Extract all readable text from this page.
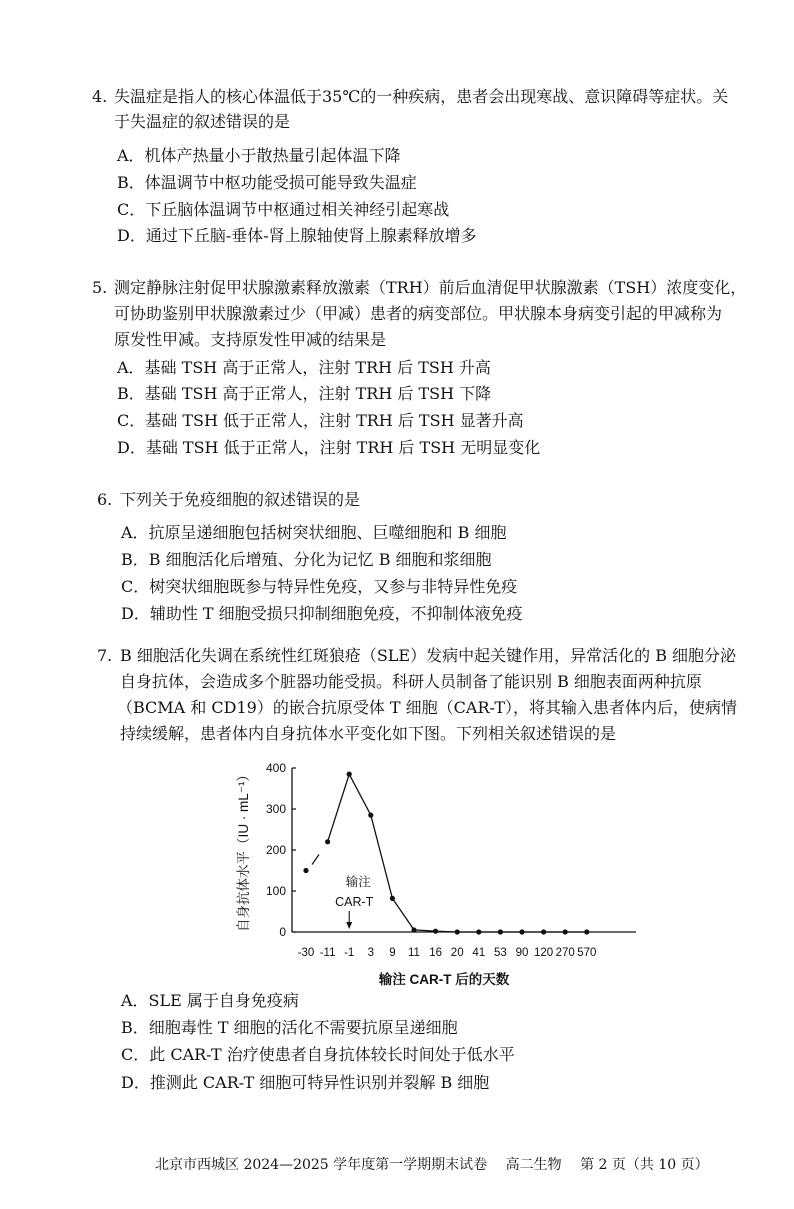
4. 失温症是指人的核心体温低于35℃的一种疾病，患者会出现寒战、意识障碍等症状。关
于失温症的叙述错误的是
A．机体产热量小于散热量引起体温下降
B．体温调节中枢功能受损可能导致失温症
C．下丘脑体温调节中枢通过相关神经引起寒战
D．通过下丘脑-垂体-肾上腺轴使肾上腺素释放增多
5. 测定静脉注射促甲状腺激素释放激素（TRH）前后血清促甲状腺激素（TSH）浓度变化，
可协助鉴别甲状腺激素过少（甲减）患者的病变部位。甲状腺本身病变引起的甲减称为
原发性甲减。支持原发性甲减的结果是
A．基础 TSH 高于正常人，注射 TRH 后 TSH 升高
B．基础 TSH 高于正常人，注射 TRH 后 TSH 下降
C．基础 TSH 低于正常人，注射 TRH 后 TSH 显著升高
D．基础 TSH 低于正常人，注射 TRH 后 TSH 无明显变化
6. 下列关于免疫细胞的叙述错误的是
A．抗原呈递细胞包括树突状细胞、巨噬细胞和 B 细胞
B．B 细胞活化后增殖、分化为记忆 B 细胞和浆细胞
C．树突状细胞既参与特异性免疫，又参与非特异性免疫
D．辅助性 T 细胞受损只抑制细胞免疫，不抑制体液免疫
7. B 细胞活化失调在系统性红斑狼疮（SLE）发病中起关键作用，异常活化的 B 细胞分泌
自身抗体，会造成多个脏器功能受损。科研人员制备了能识别 B 细胞表面两种抗原
（BCMA 和 CD19）的嵌合抗原受体 T 细胞（CAR-T），将其输入患者体内后，使病情
持续缓解，患者体内自身抗体水平变化如下图。下列相关叙述错误的是
0
100
200
300
400
-30 -11 -1 3 9 11 16 20 41 53 90 120 270 570
输注
CAR-T
输注 CAR-T 后的天数
自身抗体水平（IU · mL⁻¹）
A．SLE 属于自身免疫病
B．细胞毒性 T 细胞的活化不需要抗原呈递细胞
C．此 CAR-T 治疗使患者自身抗体较长时间处于低水平
D．推测此 CAR-T 细胞可特异性识别并裂解 B 细胞
北京市西城区 2024—2025 学年度第一学期期末试卷 高二生物 第 2 页（共 10 页）
